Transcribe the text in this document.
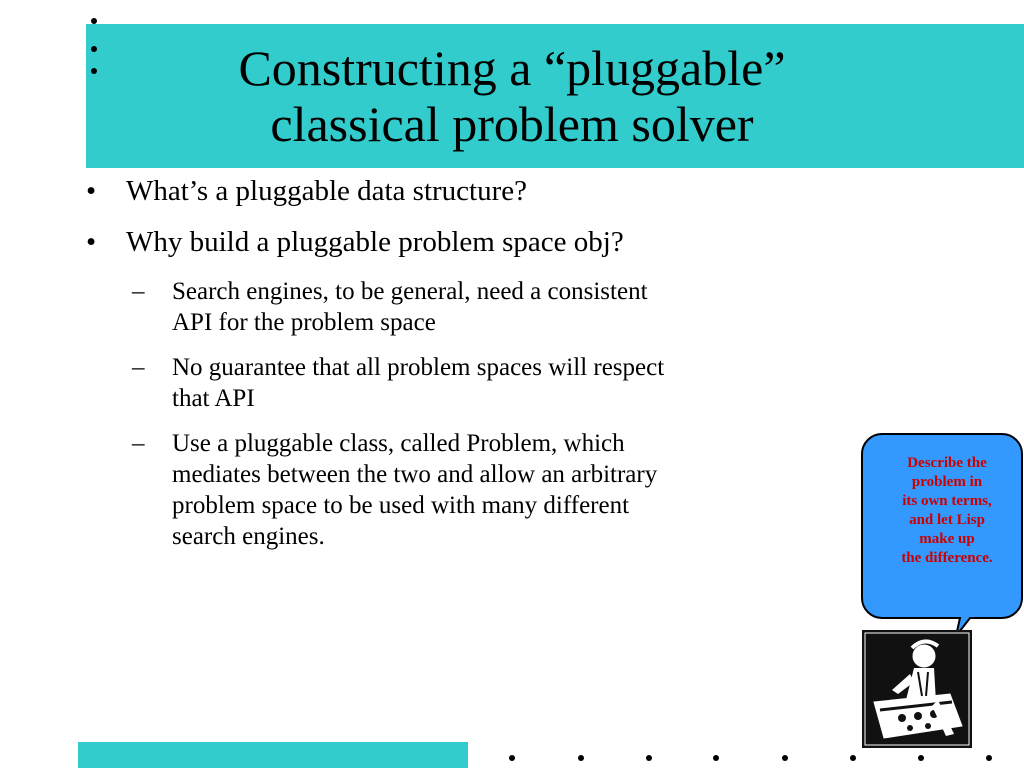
Constructing a “pluggable”
classical problem solver
• What’s a pluggable data structure?
• Why build a pluggable problem space obj?
– Search engines, to be general, need a consistent
API for the problem space
– No guarantee that all problem spaces will respect
that API
– Use a pluggable class, called Problem, which
mediates between the two and allow an arbitrary
problem space to be used with many different
search engines.
Describe the
problem in
its own terms,
and let Lisp
make up
the difference.
